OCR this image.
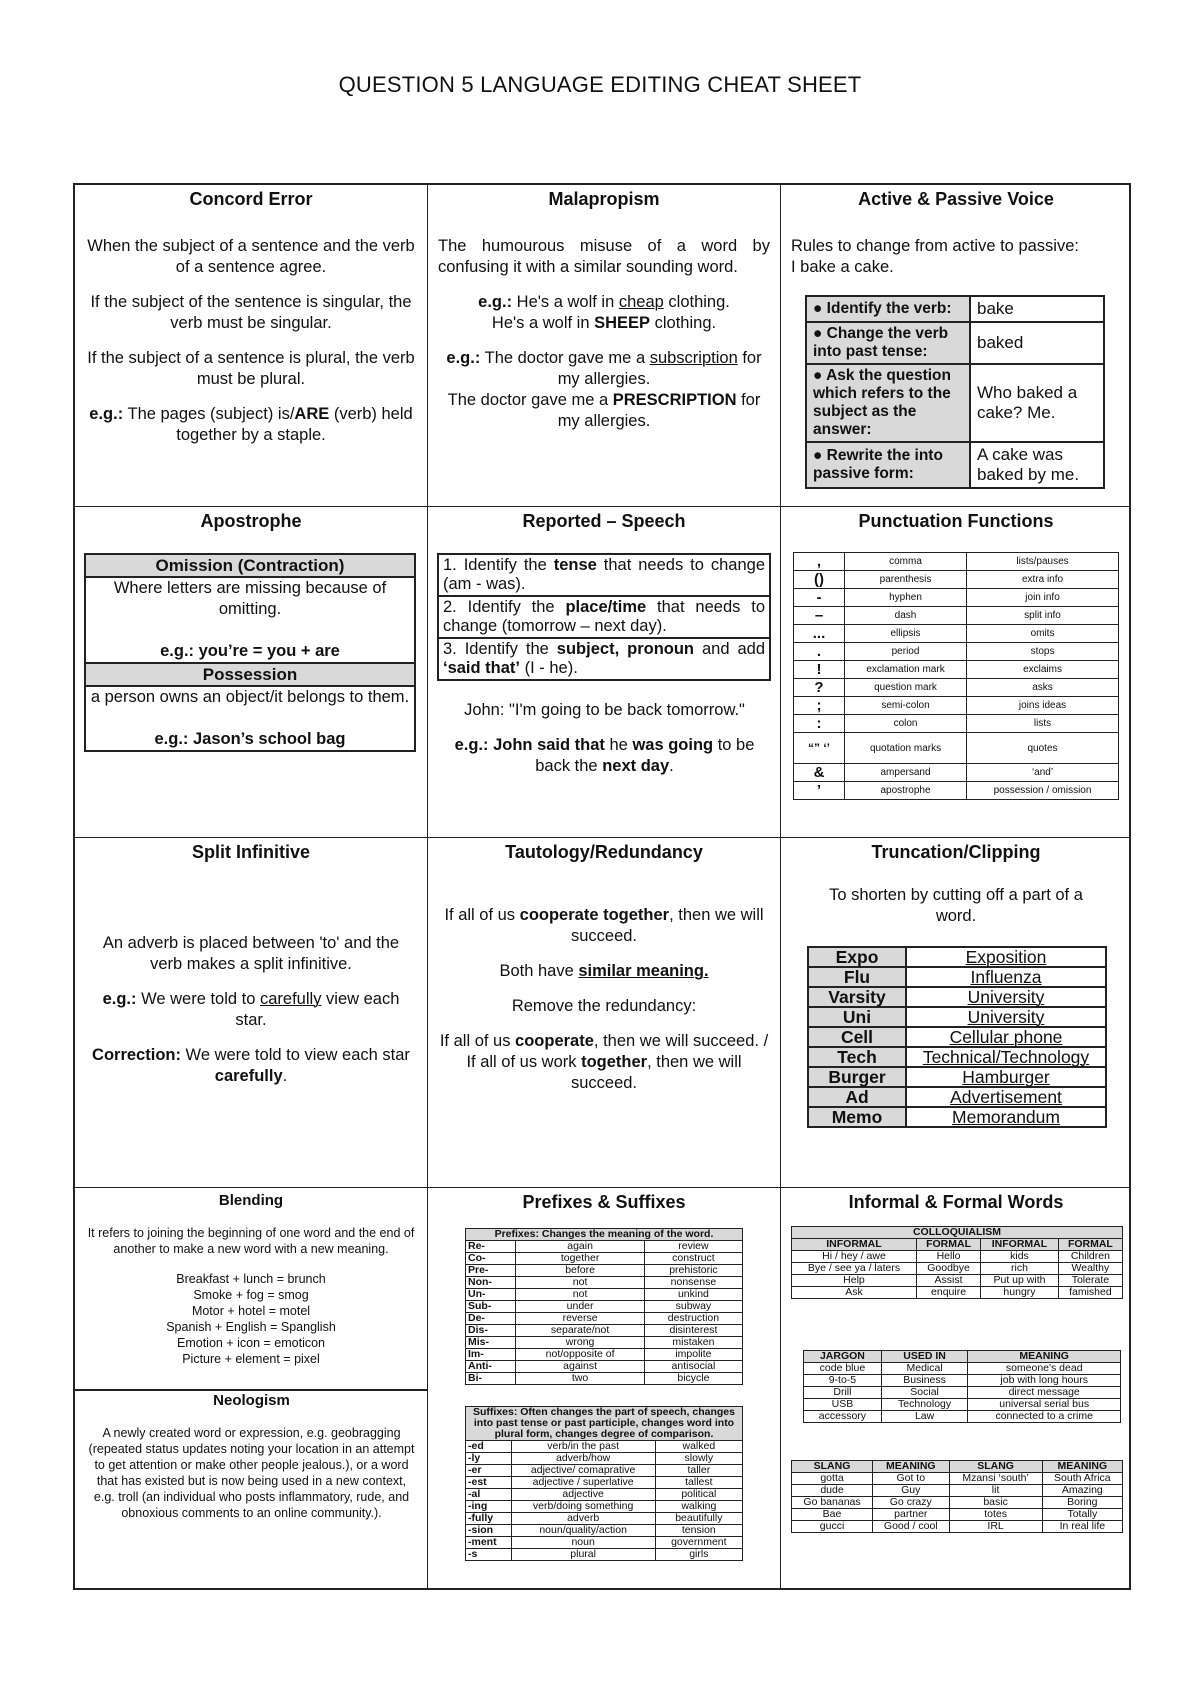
QUESTION 5 LANGUAGE EDITING CHEAT SHEET
Concord Error
When the subject of a sentence and the verb of a sentence agree.
If the subject of the sentence is singular, the verb must be singular.
If the subject of a sentence is plural, the verb must be plural.
e.g.: The pages (subject) is/ARE (verb) held together by a staple.
Malapropism
The humourous misuse of a word by confusing it with a similar sounding word.
e.g.: He's a wolf in cheap clothing.
He's a wolf in SHEEP clothing.
e.g.: The doctor gave me a subscription for my allergies.
The doctor gave me a PRESCRIPTION for my allergies.
Active & Passive Voice
Rules to change from active to passive:
I bake a cake.
● Identify the verb:	bake
● Change the verb into past tense:	baked
● Ask the question which refers to the subject as the answer:	Who baked a cake? Me.
● Rewrite the into passive form:	A cake was baked by me.
Apostrophe
Omission (Contraction)
Where letters are missing because of omitting.

e.g.: you’re = you + are
Possession
a person owns an object/it belongs to them.

e.g.: Jason’s school bag
Reported – Speech
1. Identify the tense that needs to change (am - was).
2. Identify the place/time that needs to change (tomorrow – next day).
3. Identify the subject, pronoun and add ‘said that’ (I - he).
John: "I'm going to be back tomorrow."
e.g.: John said that he was going to be back the next day.
Punctuation Functions
,	comma	lists/pauses
()	parenthesis	extra info
-	hyphen	join info
–	dash	split info
...	ellipsis	omits
.	period	stops
!	exclamation mark	exclaims
?	question mark	asks
;	semi-colon	joins ideas
:	colon	lists
“” ‘’	quotation marks	quotes
&	ampersand	‘and’
’	apostrophe	possession / omission
Split Infinitive
An adverb is placed between 'to' and the verb makes a split infinitive.
e.g.: We were told to carefully view each star.
Correction: We were told to view each star carefully.
Tautology/Redundancy
If all of us cooperate together, then we will succeed.
Both have similar meaning.
Remove the redundancy:
If all of us cooperate, then we will succeed. / If all of us work together, then we will succeed.
Truncation/Clipping
To shorten by cutting off a part of a word.
Expo	Exposition
Flu	Influenza
Varsity	University
Uni	University
Cell	Cellular phone
Tech	Technical/Technology
Burger	Hamburger
Ad	Advertisement
Memo	Memorandum
Blending
It refers to joining the beginning of one word and the end of another to make a new word with a new meaning.
Breakfast + lunch = brunch
Smoke + fog = smog
Motor + hotel = motel
Spanish + English = Spanglish
Emotion + icon = emoticon
Picture + element = pixel
Neologism
A newly created word or expression, e.g. geobragging (repeated status updates noting your location in an attempt to get attention or make other people jealous.), or a word that has existed but is now being used in a new context, e.g. troll (an individual who posts inflammatory, rude, and obnoxious comments to an online community.).
Prefixes & Suffixes
Prefixes: Changes the meaning of the word.		
Re-	again	review
Co-	together	construct
Pre-	before	prehistoric
Non-	not	nonsense
Un-	not	unkind
Sub-	under	subway
De-	reverse	destruction
Dis-	separate/not	disinterest
Mis-	wrong	mistaken
Im-	not/opposite of	impolite
Anti-	against	antisocial
Bi-	two	bicycle
Suffixes: Often changes the part of speech, changes into past tense or past participle, changes word into plural form, changes degree of comparison.		
-ed	verb/in the past	walked
-ly	adverb/how	slowly
-er	adjective/ comaprative	taller
-est	adjective / superlative	tallest
-al	adjective	political
-ing	verb/doing something	walking
-fully	adverb	beautifully
-sion	noun/quality/action	tension
-ment	noun	government
-s	plural	girls
Informal & Formal Words
COLLOQUIALISM			
INFORMAL	FORMAL	INFORMAL	FORMAL
Hi / hey / awe	Hello	kids	Children
Bye / see ya / laters	Goodbye	rich	Wealthy
Help	Assist	Put up with	Tolerate
Ask	enquire	hungry	famished
JARGON	USED IN	MEANING
code blue	Medical	someone's dead
9-to-5	Business	job with long hours
Drill	Social	direct message
USB	Technology	universal serial bus
accessory	Law	connected to a crime
SLANG	MEANING	SLANG	MEANING
gotta	Got to	Mzansi ‘south’	South Africa
dude	Guy	lit	Amazing
Go bananas	Go crazy	basic	Boring
Bae	partner	totes	Totally
gucci	Good / cool	IRL	In real life
